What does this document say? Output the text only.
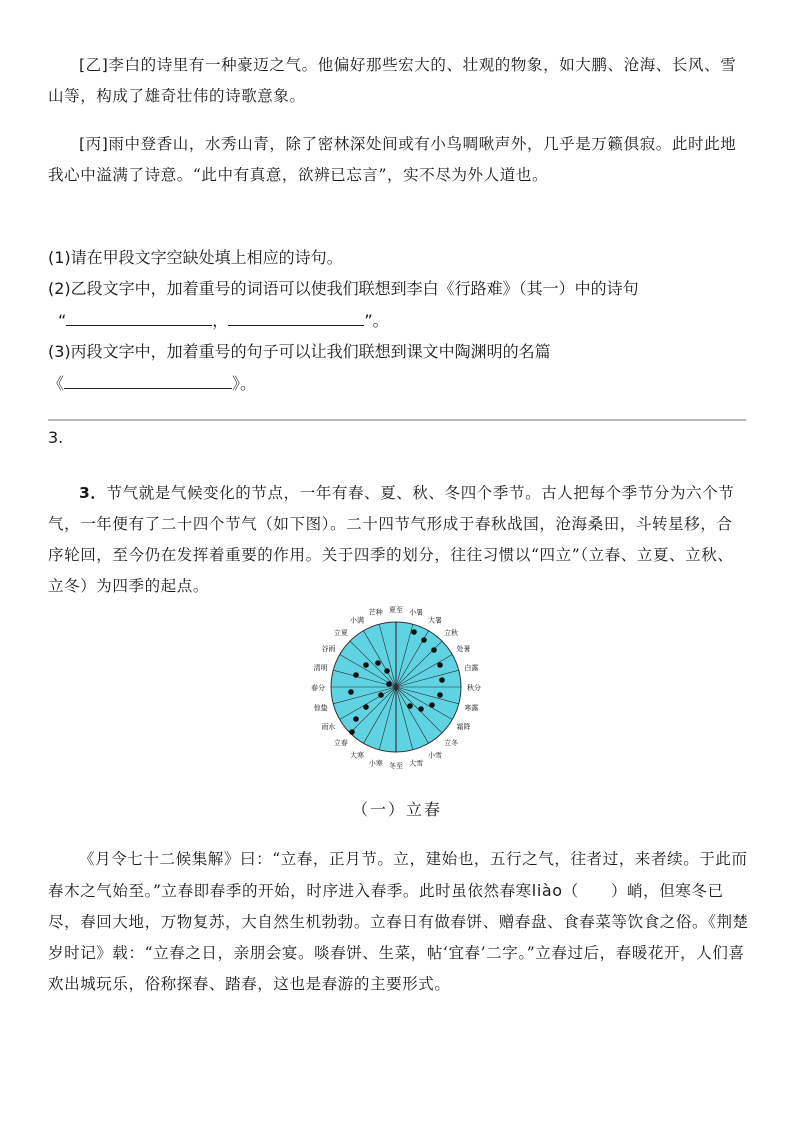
[乙]李白的诗里有一种豪迈之气。他偏好那些宏大的、壮观的物象，如大鹏、沧海、长风、雪山等，构成了雄奇壮伟的诗歌意象。

[丙]雨中登香山，水秀山青，除了密林深处间或有小鸟啁啾声外，几乎是万籁俱寂。此时此地我心中溢满了诗意。“此中有真意，欲辨已忘言”，实不尽为外人道也。

(1)请在甲段文字空缺处填上相应的诗句。

(2)乙段文字中，加着重号的词语可以使我们联想到李白《行路难》（其一）中的诗句

“	，	”。

(3)丙段文字中，加着重号的句子可以让我们联想到课文中陶渊明的名篇

《	》。

3.

3．节气就是气候变化的节点，一年有春、夏、秋、冬四个季节。古人把每个季节分为六个节气，一年便有了二十四个节气（如下图）。二十四节气形成于春秋战国，沧海桑田，斗转星移，合序轮回，至今仍在发挥着重要的作用。关于四季的划分，往往习惯以“四立”（立春、立夏、立秋、立冬）为四季的起点。

夏至 小暑
大暑
立秋
处暑
白露
秋分
寒露
霜降
立冬
小雪
大雪
冬至
小寒
大寒
立春
雨水
惊蛰
春分
清明
谷雨
立夏
小满
芒种
（一）立春

《月令七十二候集解》曰：“立春，正月节。立，建始也，五行之气，往者过，来者续。于此而春木之气始至。”立春即春季的开始，时序进入春季。此时虽依然春寒liào（　　）峭，但寒冬已尽，春回大地，万物复苏，大自然生机勃勃。立春日有做春饼、赠春盘、食春菜等饮食之俗。《荆楚岁时记》载：“立春之日，亲朋会宴。啖春饼、生菜，帖‘宜春’二字。”立春过后，春暖花开，人们喜欢出城玩乐，俗称探春、踏春，这也是春游的主要形式。
